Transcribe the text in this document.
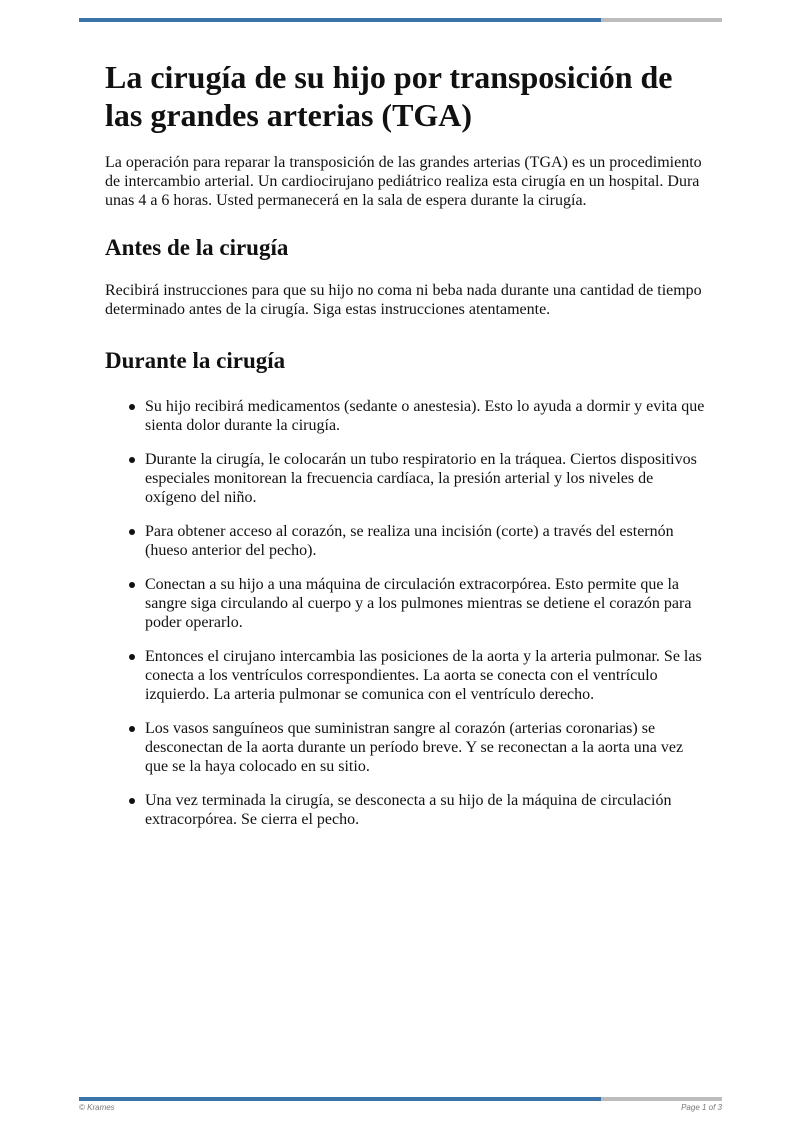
La cirugía de su hijo por transposición de las grandes arterias (TGA)

La operación para reparar la transposición de las grandes arterias (TGA) es un procedimiento de intercambio arterial. Un cardiocirujano pediátrico realiza esta cirugía en un hospital. Dura unas 4 a 6 horas. Usted permanecerá en la sala de espera durante la cirugía.

Antes de la cirugía

Recibirá instrucciones para que su hijo no coma ni beba nada durante una cantidad de tiempo determinado antes de la cirugía. Siga estas instrucciones atentamente.

Durante la cirugía
Su hijo recibirá medicamentos (sedante o anestesia). Esto lo ayuda a dormir y evita que sienta dolor durante la cirugía.
Durante la cirugía, le colocarán un tubo respiratorio en la tráquea. Ciertos dispositivos especiales monitorean la frecuencia cardíaca, la presión arterial y los niveles de oxígeno del niño.
Para obtener acceso al corazón, se realiza una incisión (corte) a través del esternón (hueso anterior del pecho).
Conectan a su hijo a una máquina de circulación extracorpórea. Esto permite que la sangre siga circulando al cuerpo y a los pulmones mientras se detiene el corazón para poder operarlo.
Entonces el cirujano intercambia las posiciones de la aorta y la arteria pulmonar. Se las conecta a los ventrículos correspondientes. La aorta se conecta con el ventrículo izquierdo. La arteria pulmonar se comunica con el ventrículo derecho.
Los vasos sanguíneos que suministran sangre al corazón (arterias coronarias) se desconectan de la aorta durante un período breve. Y se reconectan a la aorta una vez que se la haya colocado en su sitio.
Una vez terminada la cirugía, se desconecta a su hijo de la máquina de circulación extracorpórea. Se cierra el pecho.
© Krames	Page 1 of 3
